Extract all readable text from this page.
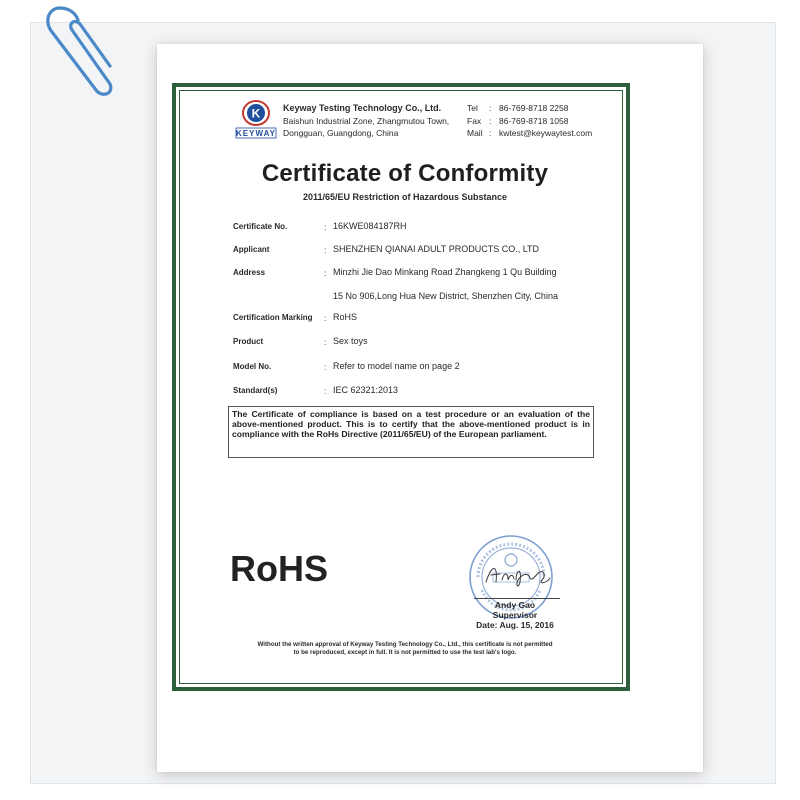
K
KEYWAY
Keyway Testing Technology Co., Ltd.
Baishun Industrial Zone, Zhangmutou Town,
Dongguan, Guangdong, China
Tel	: 86-769-8718 2258
Fax : 86-769-8718 1058
Mail : kwtest@keywaytest.com
Certificate of Conformity
2011/65/EU Restriction of Hazardous Substance
Certificate No.	: 16KWE084187RH
Applicant	: SHENZHEN QIANAI ADULT PRODUCTS CO., LTD
Address	: Minzhi Jie Dao Minkang Road Zhangkeng 1 Qu Building
15 No 906,Long Hua New District, Shenzhen City, China
Certification Marking : RoHS
Product	: Sex toys
Model No.	: Refer to model name on page 2
Standard(s)	: IEC 62321:2013
The Certificate of compliance is based on a test procedure or an evaluation of the above-mentioned product. This is to certify that the above-mentioned product is in compliance with the RoHs Directive (2011/65/EU) of the European parliament.
RoHS
Andy Gao
Supervisor
Date: Aug. 15, 2016
Without the written approval of Keyway Testing Technology Co., Ltd., this certificate is not permitted
to be reproduced, except in full. It is not permitted to use the test lab's logo.
